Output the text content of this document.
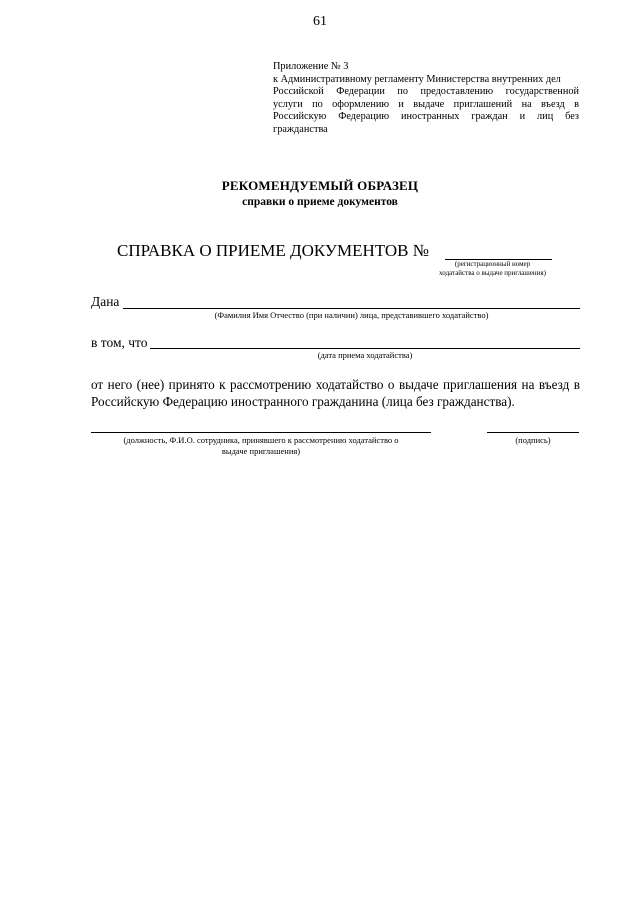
61
Приложение № 3
к Административному регламенту Министерства внутренних дел
Российской Федерации по предоставлению государственной
услуги по оформлению и выдаче приглашений на въезд в
Российскую Федерацию иностранных граждан и лиц без
гражданства
РЕКОМЕНДУЕМЫЙ ОБРАЗЕЦ
справки о приеме документов
СПРАВКА О ПРИЕМЕ ДОКУМЕНТОВ №
(регистрационный номер
ходатайства о выдаче приглашения)
Дана
(Фамилия Имя Отчество (при наличии) лица, представившего ходатайство)
в том, что
(дата приема ходатайства)
от него (нее) принято к рассмотрению ходатайство о выдаче приглашения на въезд в
Российскую Федерацию иностранного гражданина (лица без гражданства).
(должность, Ф.И.О. сотрудника, принявшего к рассмотрению ходатайство о
выдаче приглашения)
(подпись)
